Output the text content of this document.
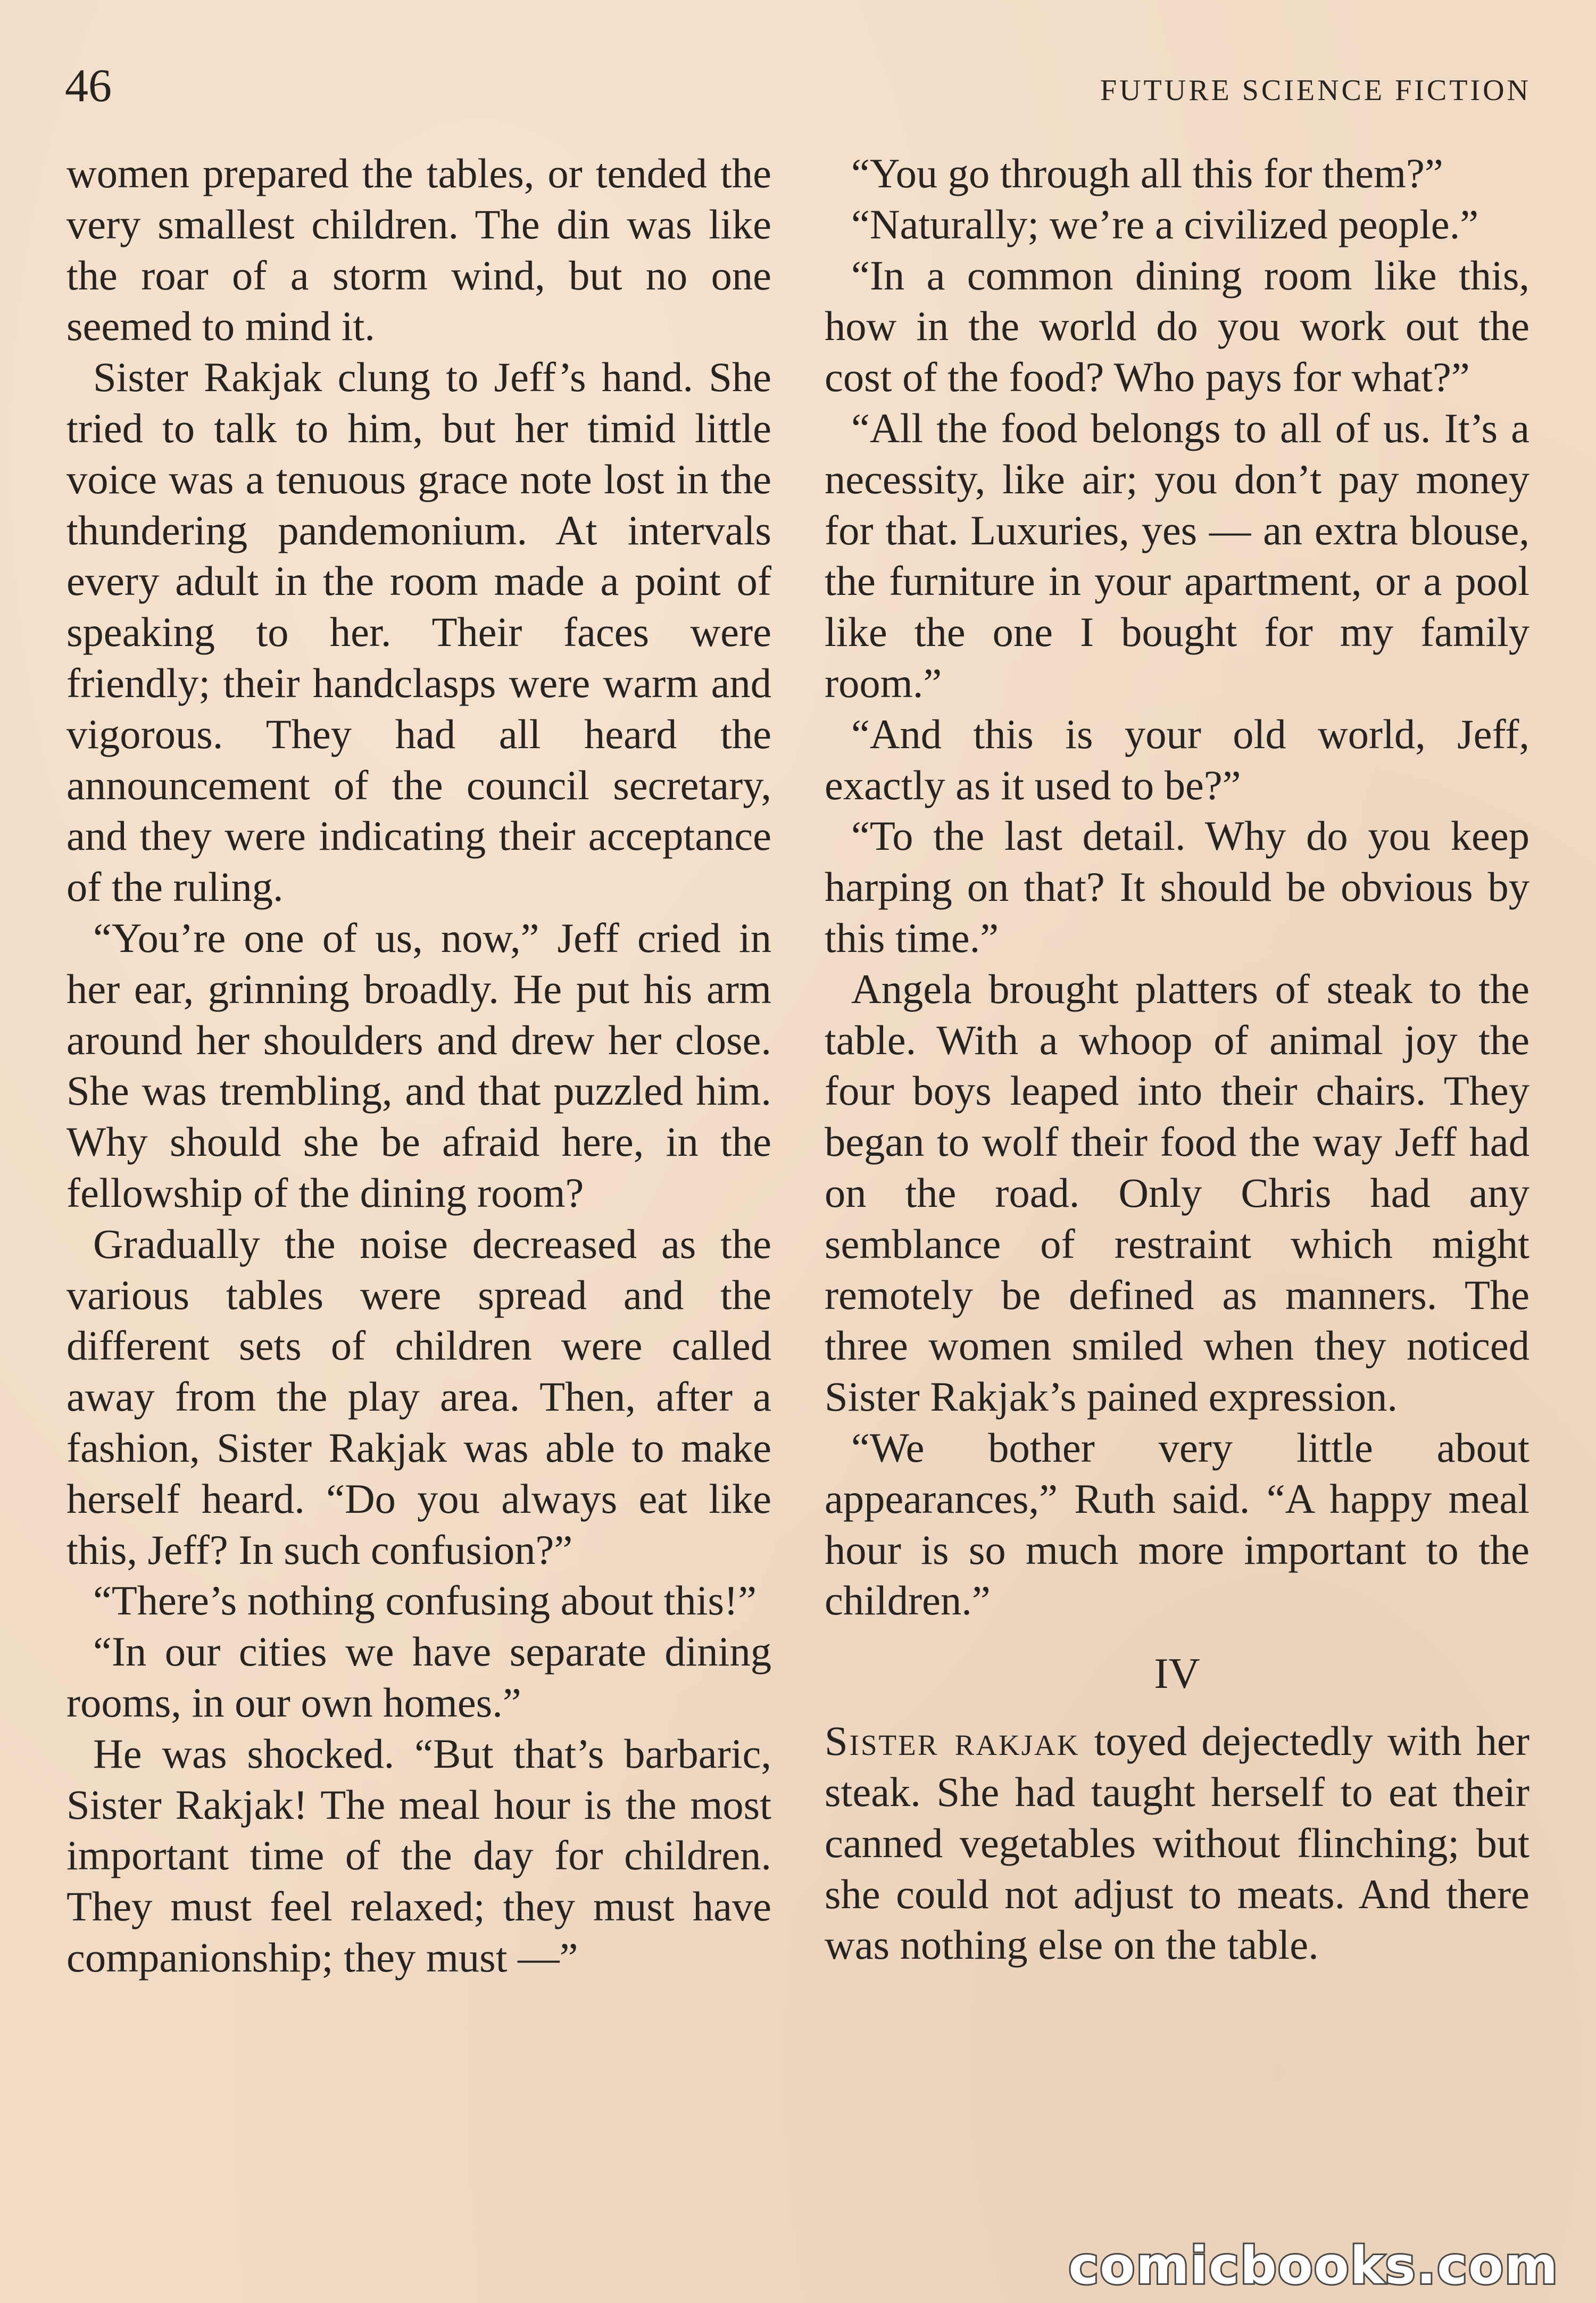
46	FUTURE SCIENCE FICTION

women prepared the tables, or tended the very smallest children. The din was like the roar of a storm wind, but no one seemed to mind it.

Sister Rakjak clung to Jeff’s hand. She tried to talk to him, but her timid little voice was a tenuous grace note lost in the thundering pandemonium. At intervals every adult in the room made a point of speaking to her. Their faces were friendly; their handclasps were warm and vigorous. They had all heard the announcement of the council secretary, and they were indicating their acceptance of the ruling.

“You’re one of us, now,” Jeff cried in her ear, grinning broadly. He put his arm around her shoulders and drew her close. She was trembling, and that puzzled him. Why should she be afraid here, in the fellowship of the dining room?

Gradually the noise decreased as the various tables were spread and the different sets of children were called away from the play area. Then, after a fashion, Sister Rakjak was able to make herself heard. “Do you always eat like this, Jeff? In such confusion?”

“There’s nothing confusing about this!”

“In our cities we have separate dining rooms, in our own homes.”

He was shocked. “But that’s barbaric, Sister Rakjak! The meal hour is the most important time of the day for children. They must feel relaxed; they must have companionship; they must —”

“You go through all this for them?”

“Naturally; we’re a civilized people.”

“In a common dining room like this, how in the world do you work out the cost of the food? Who pays for what?”

“All the food belongs to all of us. It’s a necessity, like air; you don’t pay money for that. Luxuries, yes — an extra blouse, the furniture in your apartment, or a pool like the one I bought for my family room.”

“And this is your old world, Jeff, exactly as it used to be?”

“To the last detail. Why do you keep harping on that? It should be obvious by this time.”

Angela brought platters of steak to the table. With a whoop of animal joy the four boys leaped into their chairs. They began to wolf their food the way Jeff had on the road. Only Chris had any semblance of restraint which might remotely be defined as manners. The three women smiled when they noticed Sister Rakjak’s pained expression.

“We bother very little about appearances,” Ruth said. “A happy meal hour is so much more important to the children.”

IV

Sister rakjak toyed dejectedly with her steak. She had taught herself to eat their canned vegetables without flinching; but she could not adjust to meats. And there was nothing else on the table.

comicbooks.com
